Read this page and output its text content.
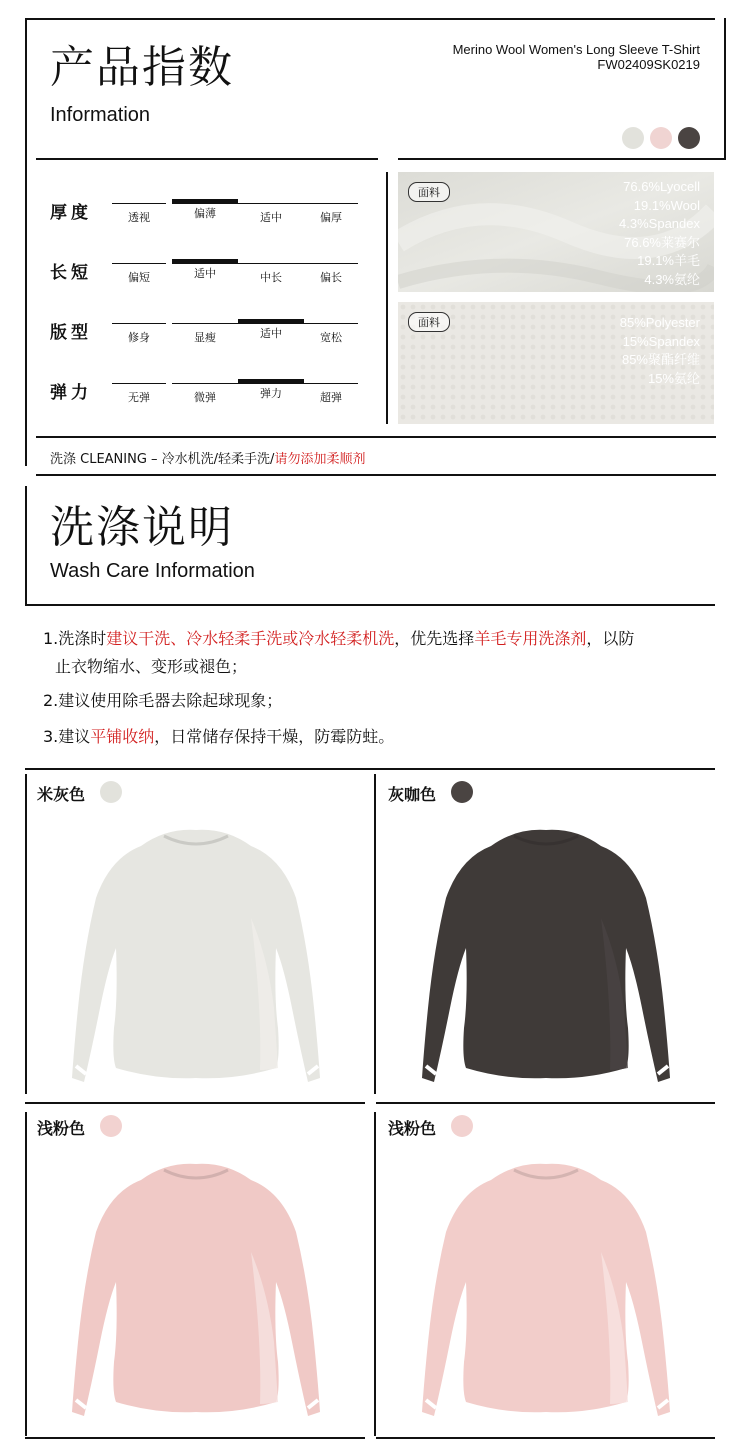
产品指数
Information
Merino Wool Women's Long Sleeve T-Shirt
FW02409SK0219
厚度	透视	偏薄	适中	偏厚
长短	偏短	适中	中长	偏长
版型	修身	显瘦	适中	宽松
弹力	无弹	微弹	弹力	超弹
面料	76.6%Lyocell
19.1%Wool
4.3%Spandex
76.6%莱赛尔
19.1%羊毛
4.3%氨纶
面料	85%Polyester
15%Spandex
85%聚酯纤维
15%氨纶
洗涤 CLEANING – 冷水机洗/轻柔手洗/请勿添加柔顺剂
洗涤说明
Wash Care Information
1.洗涤时建议干洗、冷水轻柔手洗或冷水轻柔机洗，优先选择羊毛专用洗涤剂，以防
止衣物缩水、变形或褪色；
2.建议使用除毛器去除起球现象；
3.建议平铺收纳，日常储存保持干燥，防霉防蛀。
米灰色	灰咖色
浅粉色	浅粉色
